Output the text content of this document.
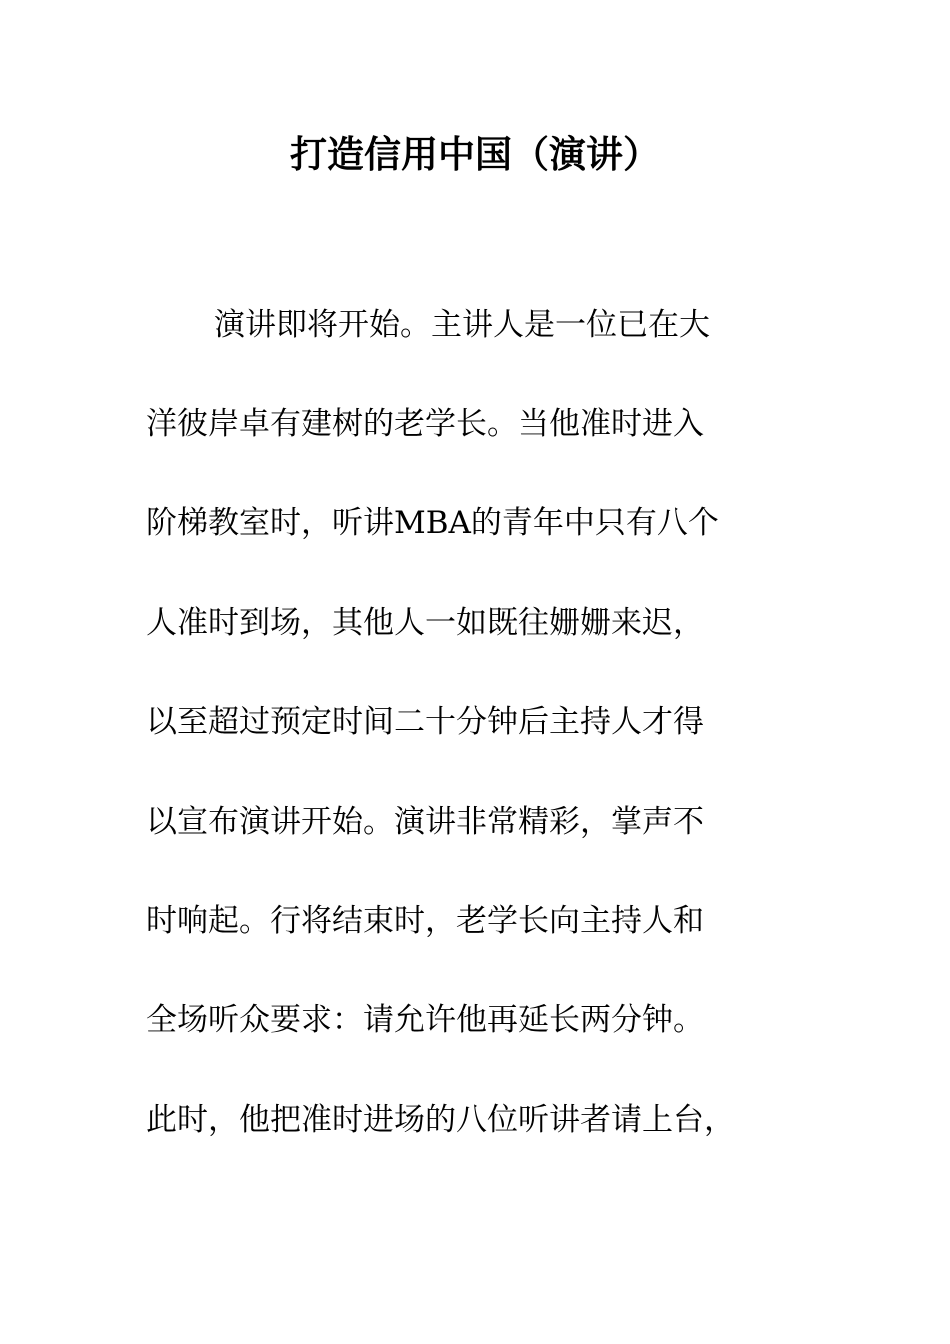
打造信用中国（演讲）
演讲即将开始。主讲人是一位已在大
洋彼岸卓有建树的老学长。当他准时进入
阶梯教室时，听讲MBA的青年中只有八个
人准时到场，其他人一如既往姗姗来迟，
以至超过预定时间二十分钟后主持人才得
以宣布演讲开始。演讲非常精彩，掌声不
时响起。行将结束时，老学长向主持人和
全场听众要求：请允许他再延长两分钟。
此时，他把准时进场的八位听讲者请上台，
